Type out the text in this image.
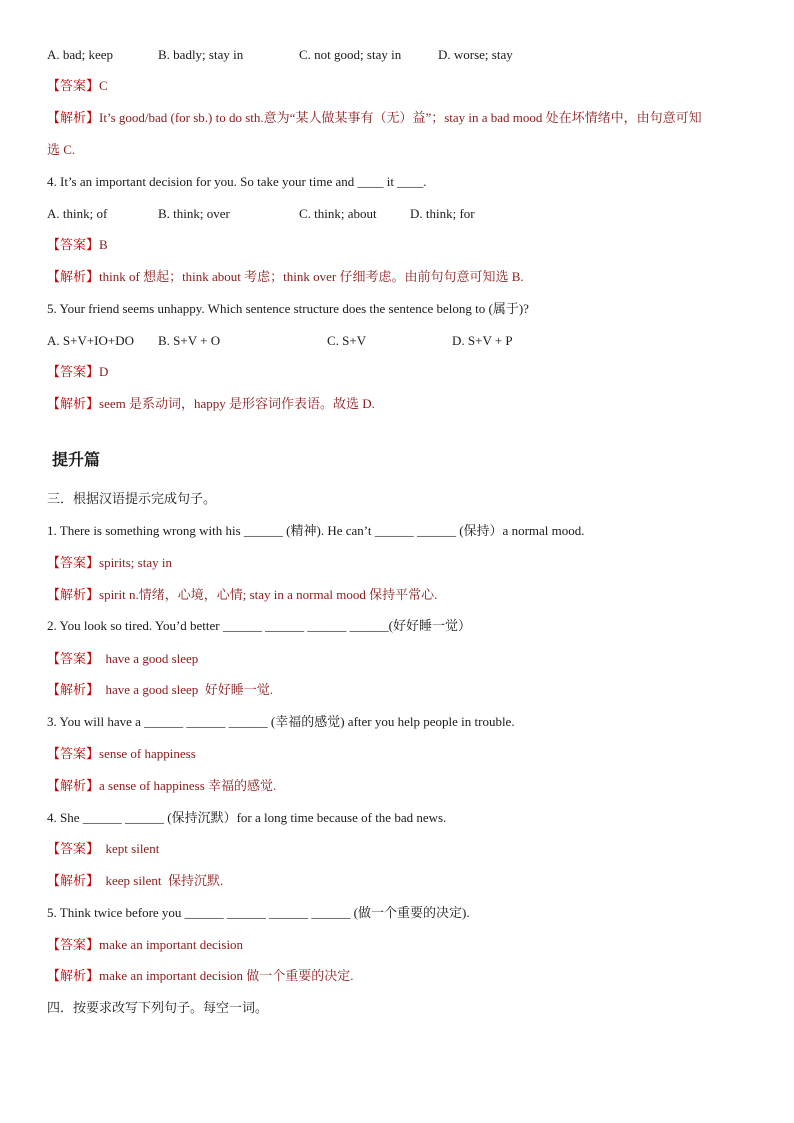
A. bad; keep	B. badly; stay in	C. not good; stay in	D. worse; stay
【答案】C
【解析】It’s good/bad (for sb.) to do sth.意为“某人做某事有（无）益”；stay in a bad mood 处在坏情绪中，由句意可知
选 C.
4. It’s an important decision for you. So take your time and ____ it ____.
A. think; of	B. think; over	C. think; about	D. think; for
【答案】B
【解析】think of 想起；think about 考虑；think over 仔细考虑。由前句句意可知选 B.
5. Your friend seems unhappy. Which sentence structure does the sentence belong to (属于)?
A. S+V+IO+DO B. S+V + O	C. S+V	D. S+V + P
【答案】D
【解析】seem 是系动词，happy 是形容词作表语。故选 D.
提升篇
三．根据汉语提示完成句子。
1. There is something wrong with his ______ (精神). He can’t ______ ______ (保持）a normal mood.
【答案】spirits; stay in
【解析】spirit n.情绪，心境，心情; stay in a normal mood 保持平常心.
2. You look so tired. You’d better ______ ______ ______ ______(好好睡一觉）
【答案】  have a good sleep
【解析】  have a good sleep  好好睡一觉.
3. You will have a ______ ______ ______ (幸福的感觉) after you help people in trouble.
【答案】sense of happiness
【解析】a sense of happiness 幸福的感觉.
4. She ______ ______ (保持沉默）for a long time because of the bad news.
【答案】  kept silent
【解析】  keep silent  保持沉默.
5. Think twice before you ______ ______ ______ ______ (做一个重要的决定).
【答案】make an important decision
【解析】make an important decision 做一个重要的决定.
四．按要求改写下列句子。每空一词。
